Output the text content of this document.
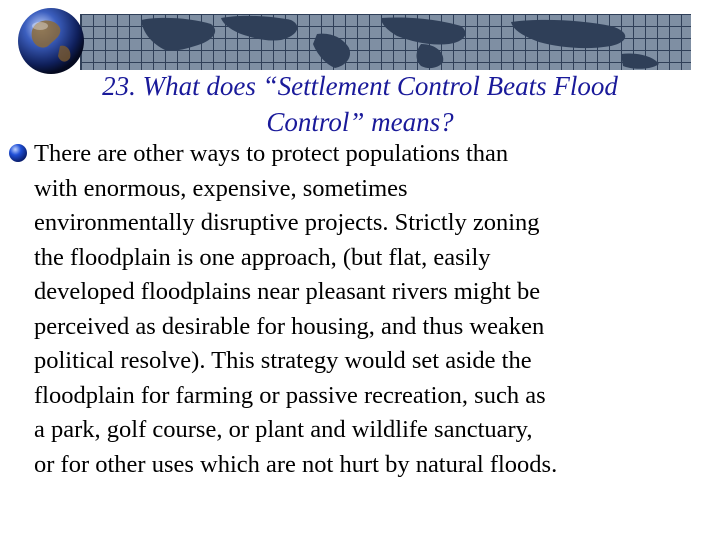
23. What does “Settlement Control Beats Flood
Control” means?
There are other ways to protect populations than
with enormous, expensive, sometimes
environmentally disruptive projects. Strictly zoning
the floodplain is one approach, (but flat, easily
developed floodplains near pleasant rivers might be
perceived as desirable for housing, and thus weaken
political resolve). This strategy would set aside the
floodplain for farming or passive recreation, such as
a park, golf course, or plant and wildlife sanctuary,
or for other uses which are not hurt by natural floods.
